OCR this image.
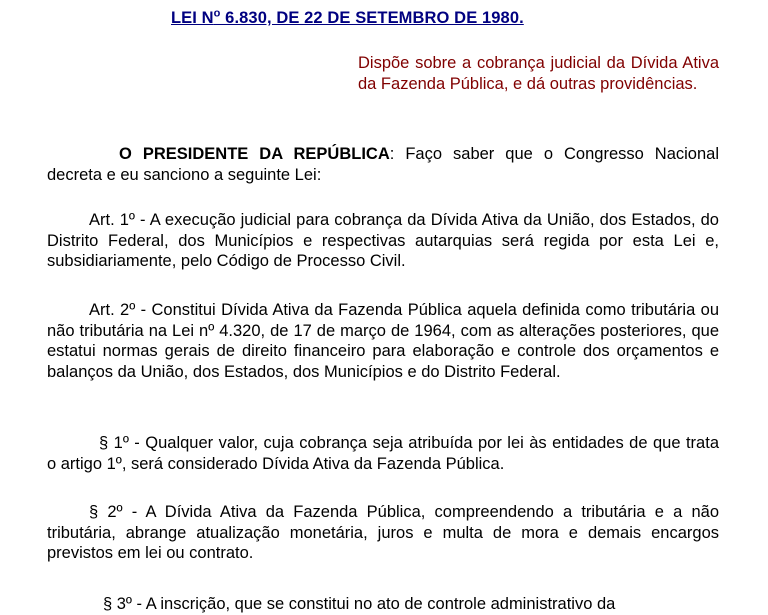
LEI $N^o$ 6.830, DE 22 DE SETEMBRO DE 1980.
Dispõe sobre a cobrança judicial da Dívida Ativa da Fazenda Pública, e dá outras providências.
O PRESIDENTE DA REPÚBLICA: Faço saber que o Congresso Nacional decreta e eu sanciono a seguinte Lei:
Art. 1º - A execução judicial para cobrança da Dívida Ativa da União, dos Estados, do Distrito Federal, dos Municípios e respectivas autarquias será regida por esta Lei e, subsidiariamente, pelo Código de Processo Civil.
Art. 2º - Constitui Dívida Ativa da Fazenda Pública aquela definida como tributária ou não tributária na Lei nº 4.320, de 17 de março de 1964, com as alterações posteriores, que estatui normas gerais de direito financeiro para elaboração e controle dos orçamentos e balanços da União, dos Estados, dos Municípios e do Distrito Federal.
§ 1º - Qualquer valor, cuja cobrança seja atribuída por lei às entidades de que trata o artigo 1º, será considerado Dívida Ativa da Fazenda Pública.
§ 2º - A Dívida Ativa da Fazenda Pública, compreendendo a tributária e a não tributária, abrange atualização monetária, juros e multa de mora e demais encargos previstos em lei ou contrato.
§ 3º - A inscrição, que se constitui no ato de controle administrativo da
